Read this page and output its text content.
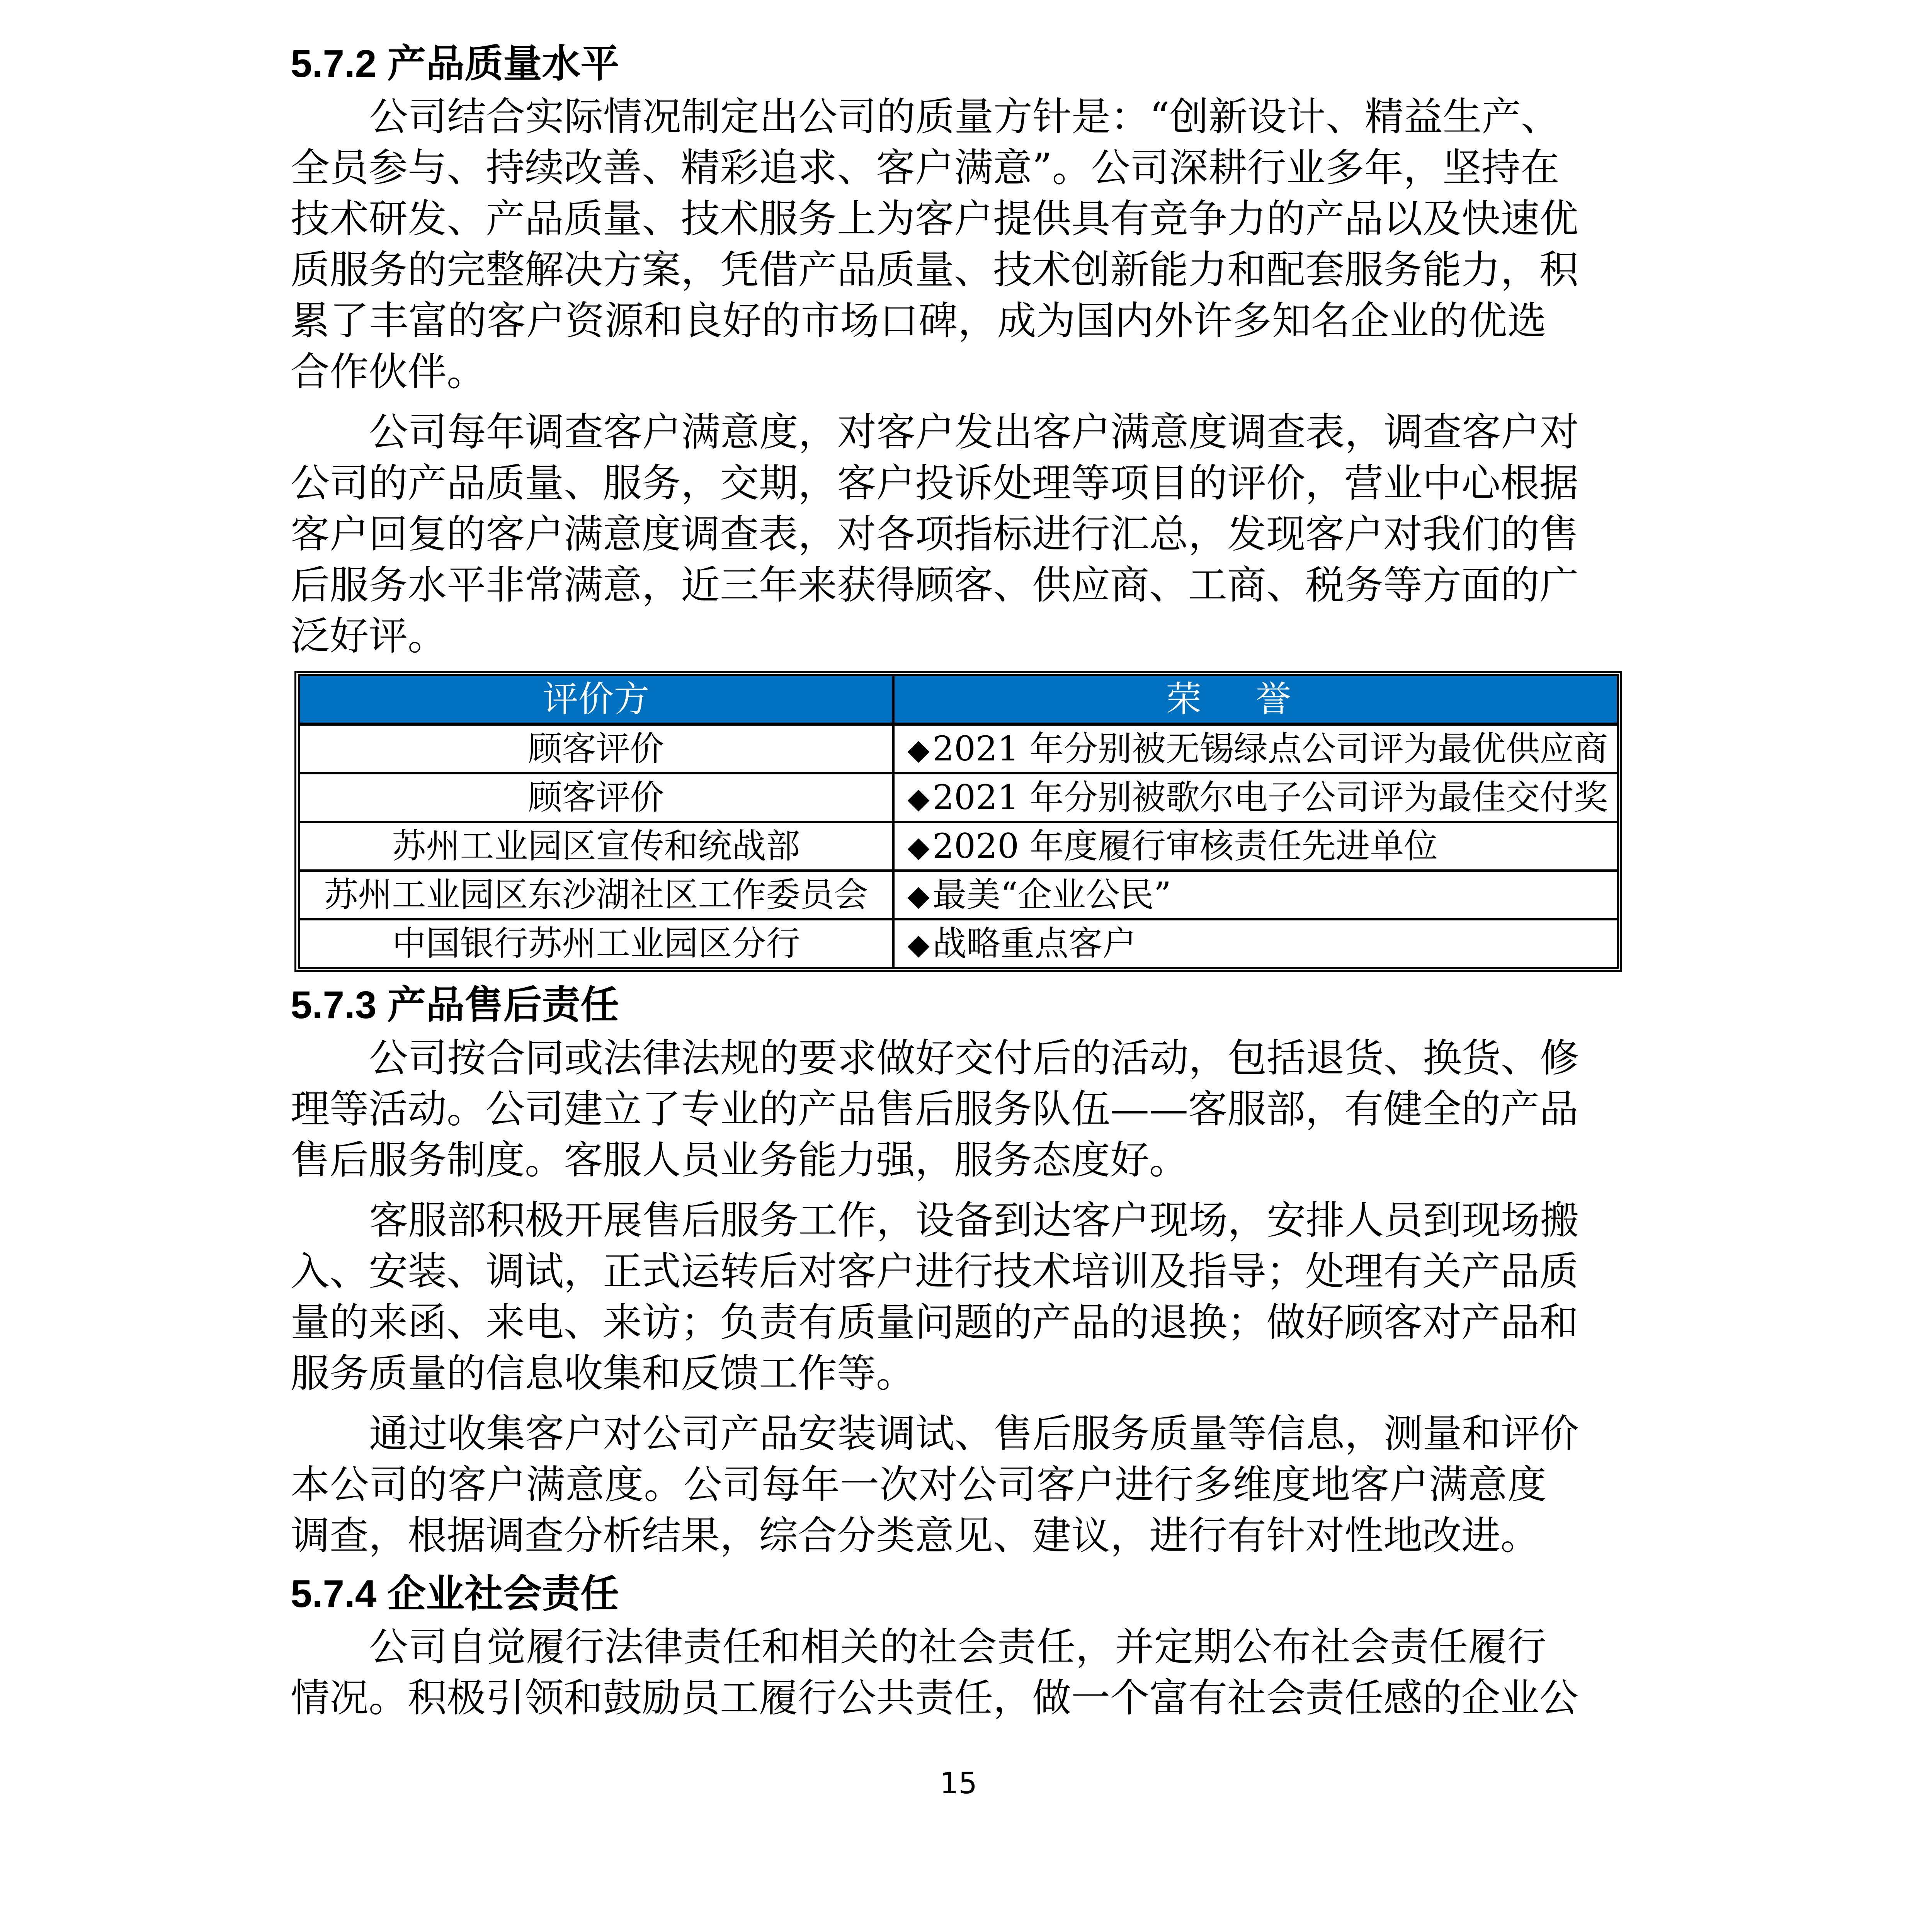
5.7.2 产品质量水平
公司结合实际情况制定出公司的质量方针是：“创新设计、精益生产、
全员参与、持续改善、精彩追求、客户满意”。公司深耕行业多年，坚持在
技术研发、产品质量、技术服务上为客户提供具有竞争力的产品以及快速优
质服务的完整解决方案，凭借产品质量、技术创新能力和配套服务能力，积
累了丰富的客户资源和良好的市场口碑，成为国内外许多知名企业的优选
合作伙伴。
公司每年调查客户满意度，对客户发出客户满意度调查表，调查客户对
公司的产品质量、服务，交期，客户投诉处理等项目的评价，营业中心根据
客户回复的客户满意度调查表，对各项指标进行汇总，发现客户对我们的售
后服务水平非常满意，近三年来获得顾客、供应商、工商、税务等方面的广
泛好评。
评价方	荣誉
顾客评价	2021 年分别被无锡绿点公司评为最优供应商
顾客评价	2021 年分别被歌尔电子公司评为最佳交付奖
苏州工业园区宣传和统战部	2020 年度履行审核责任先进单位
苏州工业园区东沙湖社区工作委员会	最美“企业公民”
中国银行苏州工业园区分行	战略重点客户
5.7.3 产品售后责任
公司按合同或法律法规的要求做好交付后的活动，包括退货、换货、修
理等活动。公司建立了专业的产品售后服务队伍——客服部，有健全的产品
售后服务制度。客服人员业务能力强，服务态度好。
客服部积极开展售后服务工作，设备到达客户现场，安排人员到现场搬
入、安装、调试，正式运转后对客户进行技术培训及指导；处理有关产品质
量的来函、来电、来访；负责有质量问题的产品的退换；做好顾客对产品和
服务质量的信息收集和反馈工作等。
通过收集客户对公司产品安装调试、售后服务质量等信息，测量和评价
本公司的客户满意度。公司每年一次对公司客户进行多维度地客户满意度
调查，根据调查分析结果，综合分类意见、建议，进行有针对性地改进。
5.7.4 企业社会责任
公司自觉履行法律责任和相关的社会责任，并定期公布社会责任履行
情况。积极引领和鼓励员工履行公共责任，做一个富有社会责任感的企业公
15
